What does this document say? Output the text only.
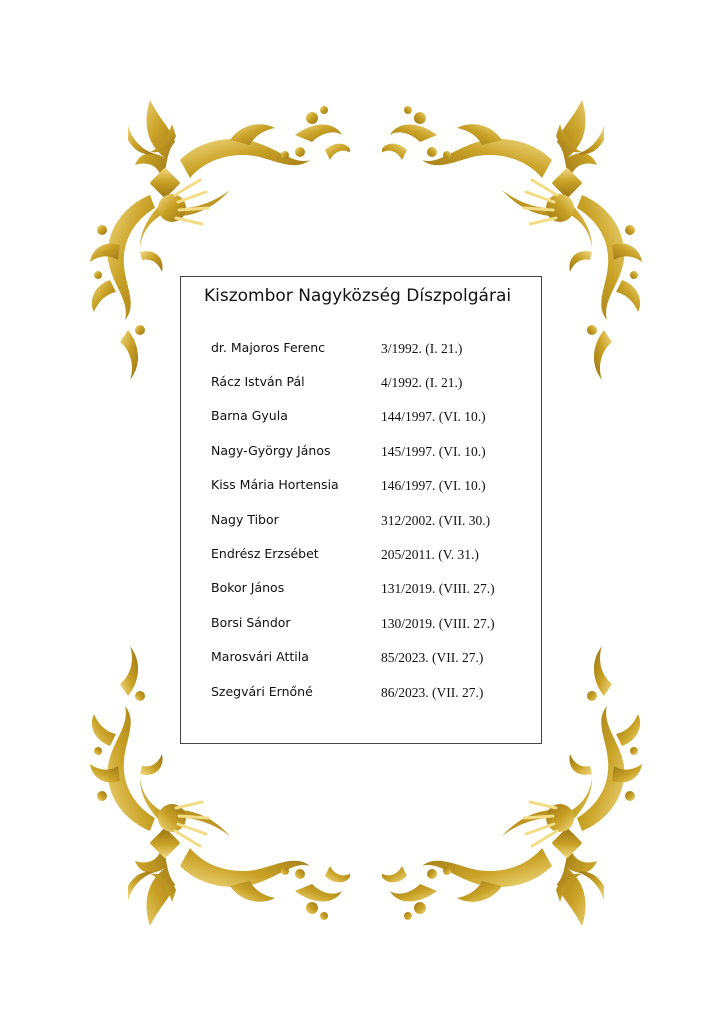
Kiszombor Nagyközség Díszpolgárai
dr. Majoros Ferenc	3/1992. (I. 21.)
Rácz István Pál	4/1992. (I. 21.)
Barna Gyula	144/1997. (VI. 10.)
Nagy-György János	145/1997. (VI. 10.)
Kiss Mária Hortensia	146/1997. (VI. 10.)
Nagy Tibor	312/2002. (VII. 30.)
Endrész Erzsébet	205/2011. (V. 31.)
Bokor János	131/2019. (VIII. 27.)
Borsi Sándor	130/2019. (VIII. 27.)
Marosvári Attila	85/2023. (VII. 27.)
Szegvári Ernőné	86/2023. (VII. 27.)
